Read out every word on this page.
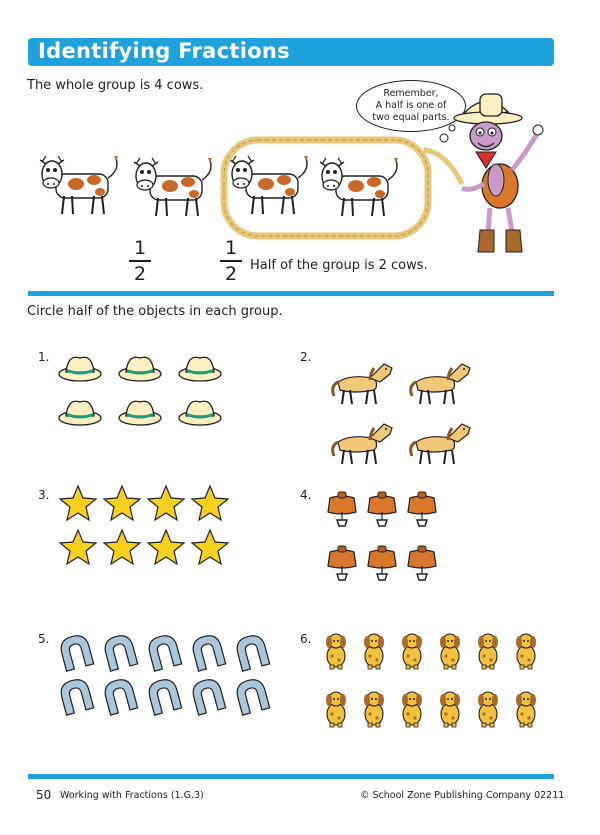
Identifying Fractions
The whole group is 4 cows.
Remember,
A half is one of
two equal parts.
1
2
1
2 Half of the group is 2 cows.
Circle half of the objects in each group.
1.	2.
3.	4.
5.	6.
50 Working with Fractions (1.G.3)	© School Zone Publishing Company 02211
